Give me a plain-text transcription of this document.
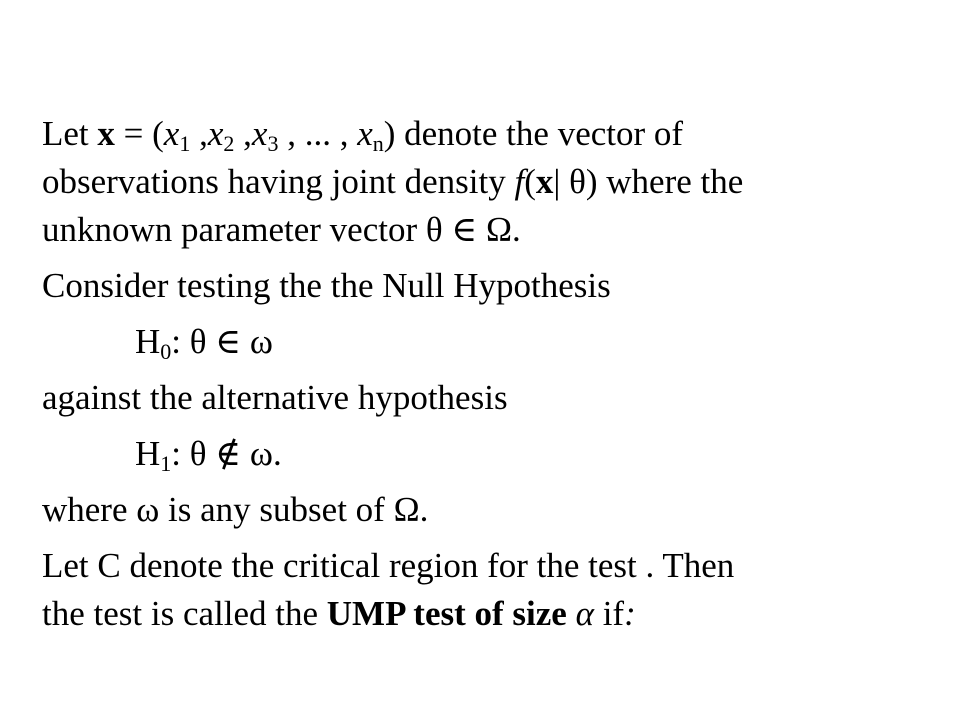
Let $x = (x_1$ $,x_2$ $,x_3$ , ... , $x_n$) denote the vector of
observations having joint density f(x| θ) where the
unknown parameter vector θ ∈ Ω.
Consider testing the the Null Hypothesis
$H_0$: θ ∈ ω
against the alternative hypothesis
$H_1$: θ ∉ ω.
where ω is any subset of Ω.
Let C denote the critical region for the test . Then
the test is called the UMP test of size α if:
